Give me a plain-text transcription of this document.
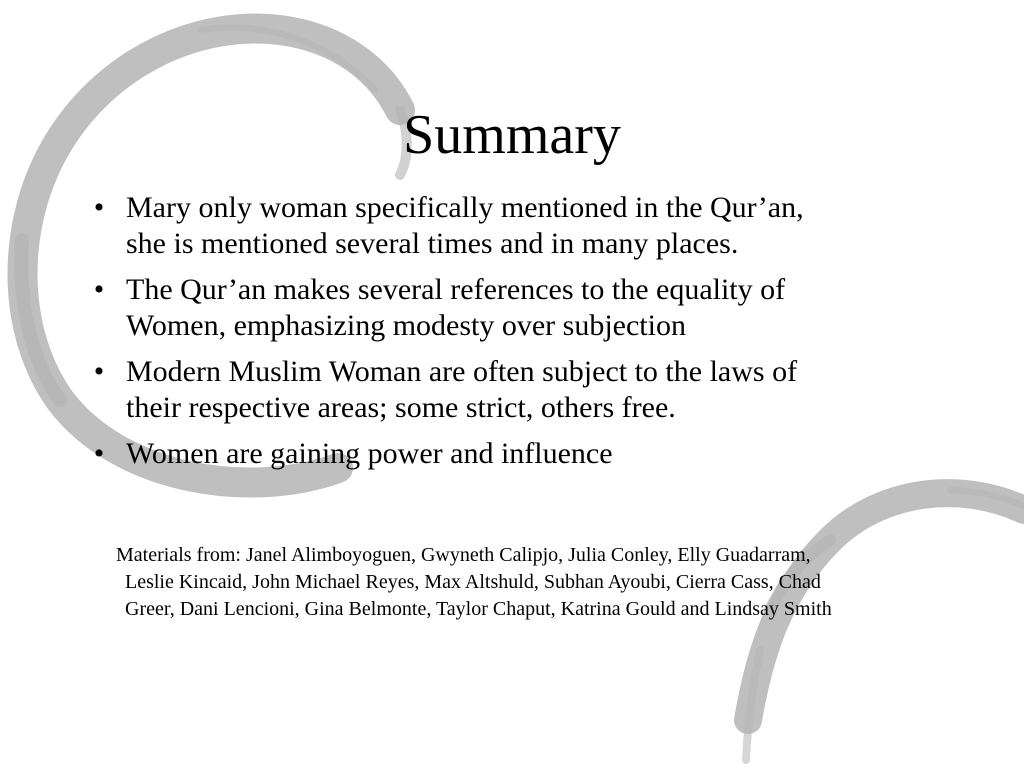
Summary
• Mary only woman specifically mentioned in the Qur’an,
she is mentioned several times and in many places.
• The Qur’an makes several references to the equality of
Women, emphasizing modesty over subjection
• Modern Muslim Woman are often subject to the laws of
their respective areas; some strict, others free.
• Women are gaining power and influence

Materials from: Janel Alimboyoguen, Gwyneth Calipjo, Julia Conley, Elly Guadarram,
Leslie Kincaid, John Michael Reyes, Max Altshuld, Subhan Ayoubi, Cierra Cass, Chad
Greer, Dani Lencioni, Gina Belmonte, Taylor Chaput, Katrina Gould and Lindsay Smith
